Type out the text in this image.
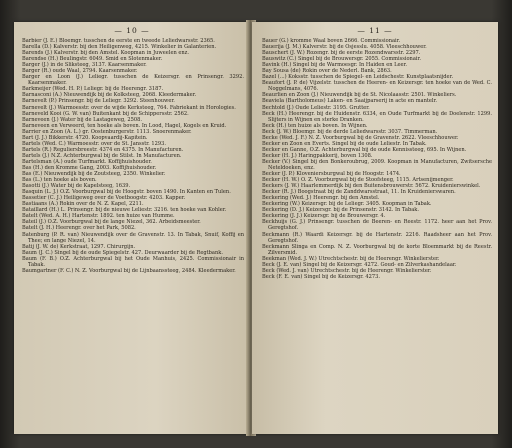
— 10 —
Barbier (J. E.) Bloemgr. tusschen de eerste en tweede Leliedwarsstr. 2365.
Barella (D.) Kalverstr. bij den Heiligenweg, 4215. Winkelier in Galanterien.
Barends (J.) Kalverstr. bij den Amstel. Koopman in Juweelen enz.
Barendse (H.) Beulingstr. 6049. Smid en Slotenmaker.
Barger (J.) in de Sliksteeg, 3137. Kaarsenmaker.
Barger (R.) oude Waal, 2794. Kaarsenmaker.
Barger en Loon (J.) Leliegr. tusschen de Keizersgr. en Prinsengr. 3292. Kaarsenmaker.
Barkmeijer (Wed. H. P.) Leliegr. bij de Heerengr. 3187.
Barnasconi (A.) Nieuwendijk bij de Kolksteeg, 2068. Kleedermaker.
Barnevelt (P.) Prinsengr. bij de Leliegr. 3292. Steenhouwer.
Barnevelt (J.) Warmoesstr. over de wijde Kerksteeg, 764. Fabriekant in Horologies.
Barneveld Kooi (G. W. van) Buitenkant bij de Schippersstr. 2562.
Barneveen (J.) Water bij de Lastageweg, 2508.
Barneveen en Verweerd, ten hoeke als boven. In Lood, Hagel, Kogels en Kruid.
Barrier en Zoon (A. L.) gr. Oostenburgerstr. 1113. Snoerenmaker.
Bart (J. J.) Bikkerstr. 4720. Koopvaardij-Kapitein.
Bartels (Wed. C.) Warmoesstr. over de St. Jansstr. 1293.
Bartels (R.) Reguliersbreestr. 4374 en 4375. In Manufacturen.
Bartels (J.) N.Z. Achterburgwal bij de Stilst. In Manufacturen.
Bartelsman (A.) oude Turfmarkt. Koffijhuishouder.
Bas (H.) den Kromme Gang, 2003. Koffijhuishouder.
Bas (E.) Nieuwendijk bij de Zoutsteeg, 2350. Winkelier.
Bas (L.) ten hoeke als boven.
Basotti (J.) Water bij de Kapelsteeg, 1639.
Basquin (L. J.) O.Z. Voorburgwal bij de Hoogstr. boven 1490. In Kanten en Tulen.
Bassetier (C. J.) Heiligeweg over de Voetboogstr. 4203. Kapper.
Bastiaans (A.) Rokin over de N. Z. Kapel, 2211.
Bataillard (H.) L. Prinsengr. bij de nieuwe Leliestr. 3216. ten hoeke van Kohler.
Batelt (Wed. A. H.) Hartenstr. 1892. ten huize van Humme.
Bateil (J.) O.Z. Voorburgwal bij de lange Niezel, 362. Arbeidsmeester.
Batelt (J. H.) Heerengr. over het Park, 5082.
Batenburg (P. R. van) Nieuwendijk over de Gravenstr. 13. In Tabak, Snuif, Koffij en Thee; en lange Niezel, 14.
Batij (J. W. de) Kerkstraat, 1297. Chirurgijn.
Baum (J. C.) Singel bij de oude Spiegelstr. 427. Deurwaarder bij de Regtbank.
Baum (F. B.) O.Z. Achterburgwal bij het Oude Manhuis, 2425. Commissionair in Tabak.
Baumgartner (F. C.) N. Z. Voorburgwal bij de Lijnbaanssteeg, 2484. Kleedermaker.
— 11 —
Bauer (G.) kromme Waal boven 2666. Commissionair.
Bauerija (J. M.) Kalverstr. bij de Osjesslu. 4058. Vleeschhouwer.
Bauschert (J. W.) Rozengr. bij de eerste Rozendwarsstr. 2297.
Bauswitz (C.) Singel bij de Brouwersgr. 2055. Commissionair.
Bavink (H.) Singel bij de Warmoesgr. In Haiden en Leer.
Bay Sousa (de) Rokin over de Nederl. Bank, 2863.
Bazel (...) Koksstr. tusschen de Spiegel- en Leidschestr. Kunstplaatsnijder.
Beaufort (J. P. de) Vijzelstr. tusschen de Heeren- en Keizersgr. ten hoeke van de Wed. C. Noggelmans, 4076.
Beaurlien en Zoon (J.) Nieuwendijk bij de St. Nicolaasstr. 2501. Winkeliers.
Beaviela (Bartholomeus) Laken- en Saaijparserij in acte en mantelr.
Bechtold (J.) Oude Leliestr. 3195. Grutter.
Beck (H.) Heerengr. bij de Huidenstr. 6334, en Oude Turfmarkt bij de Doelenstr. 1299. Slijters in Wijnen en sterke Dranken.
Beck (H.) ten huize als boven. In Wijnen.
Beck (J. W.) Bloemgr. bij de derde Leliedwarsstr. 3037. Timmerman.
Becke (Wed. J. F.) N. Z. Voorburgwal bij de Gravenstr. 2622. Vleeschhouwer.
Becker en Zoon en Everts. Singel bij de oude Leliestr. In Tabak.
Becker en Ganne, O.Z. Achterburgwal bij de oude Kennissteeg, 695. In Wijnen.
Becker (H. J.) Haringpakkerij, boven 1308.
Becker (V.) Singel bij den Bonkeroubrug, 2009. Koopman in Manufacturen, Zwitsersche Neteldoeken, enz.
Becker (J. P.) Kloveniersburgwal bij de Hoogstr. 1474.
Becker (H. W.) O. Z. Voorburgwal bij de Stoofsteeg, 1115. Artsenijmenger.
Beckers (J. W.) Haarlemmerdijk bij den Buitensbrouwerstr. 5672. Kruidenierswinkel.
Becker (R. J.) Boogstraat bij de Zanddwarsstraat, 11. In Kruidenierswaren.
Beckering (Wed. J.) Heerengr. bij den Amstel.
Beckering (W.) Keizersgr. bij de Leliegr. 3405. Koopman in Tabak.
Beckering (D. J.) Keizersgr. bij de Prinsenstr. 3142. In Tabak.
Beckering (J. J.) Keizersgr. bij de Brouwersgr. 4.
Beckhuijs (G. J.) Prinsengr. tusschen de Beeren- en Reestr. 1172. heer aan het Prov. Geregtshof.
Beckmann (R.) Waardi Keizersgr. bij de Hartenstr. 2216. Raadsheer aan het Prov. Geregtshof.
Beckmann Slinga en Comp. N. Z. Voorburgwal bij de korte Bloemmarkt bij de Reestr. Zilversmid.
Beekman (Wed. J. W.) Utrechtschestr. bij de Heerengr. Winkelierster.
Beck (J. E. van) Singel bij de Keizersgr. 4272. Goud- en Zilverkashandelaar.
Beck (Wed. J. van) Utrechtschestr. bij de Heerengr. Winkelierster.
Beck (F. E. van) Singel bij de Keizersgr. 4273.
